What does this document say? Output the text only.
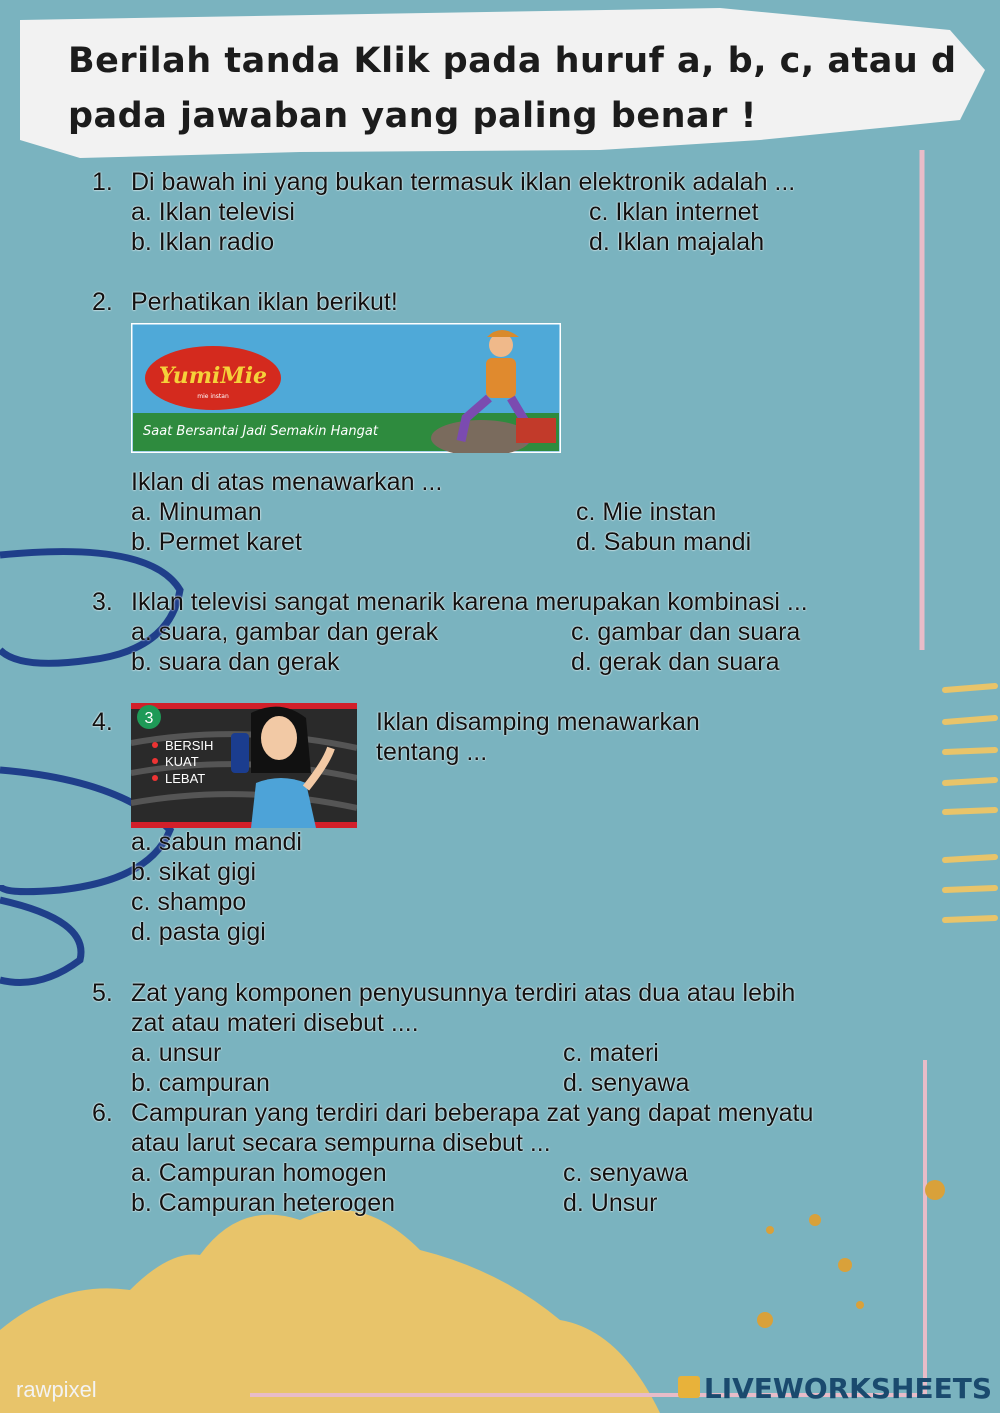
Berilah tanda Klik pada huruf a, b, c, atau d
pada jawaban yang paling benar !
1. Di bawah ini yang bukan termasuk iklan elektronik adalah ...
a. Iklan televisi
b. Iklan radio
c. Iklan internet
d. Iklan majalah
2. Perhatikan iklan berikut!
YumiMie
mie instan
Saat Bersantai Jadi Semakin Hangat
Iklan di atas menawarkan ...
a. Minuman
b. Permet karet
c. Mie instan
d. Sabun mandi
3. Iklan televisi sangat menarik karena merupakan kombinasi ...
a. suara, gambar dan gerak
b. suara dan gerak
c. gambar dan suara
d. gerak dan suara
4. 3
BERSIH
KUAT
LEBAT
Iklan disamping menawarkan
tentang ...
a. sabun mandi
b. sikat gigi
c. shampo
d. pasta gigi
5. Zat yang komponen penyusunnya terdiri atas dua atau lebih
zat atau materi disebut ....
a. unsur
b. campuran
c. materi
d. senyawa
6. Campuran yang terdiri dari beberapa zat yang dapat menyatu
atau larut secara sempurna disebut ...
a. Campuran homogen
b. Campuran heterogen
c. senyawa
d. Unsur
rawpixel	LIVEWORKSHEETS
